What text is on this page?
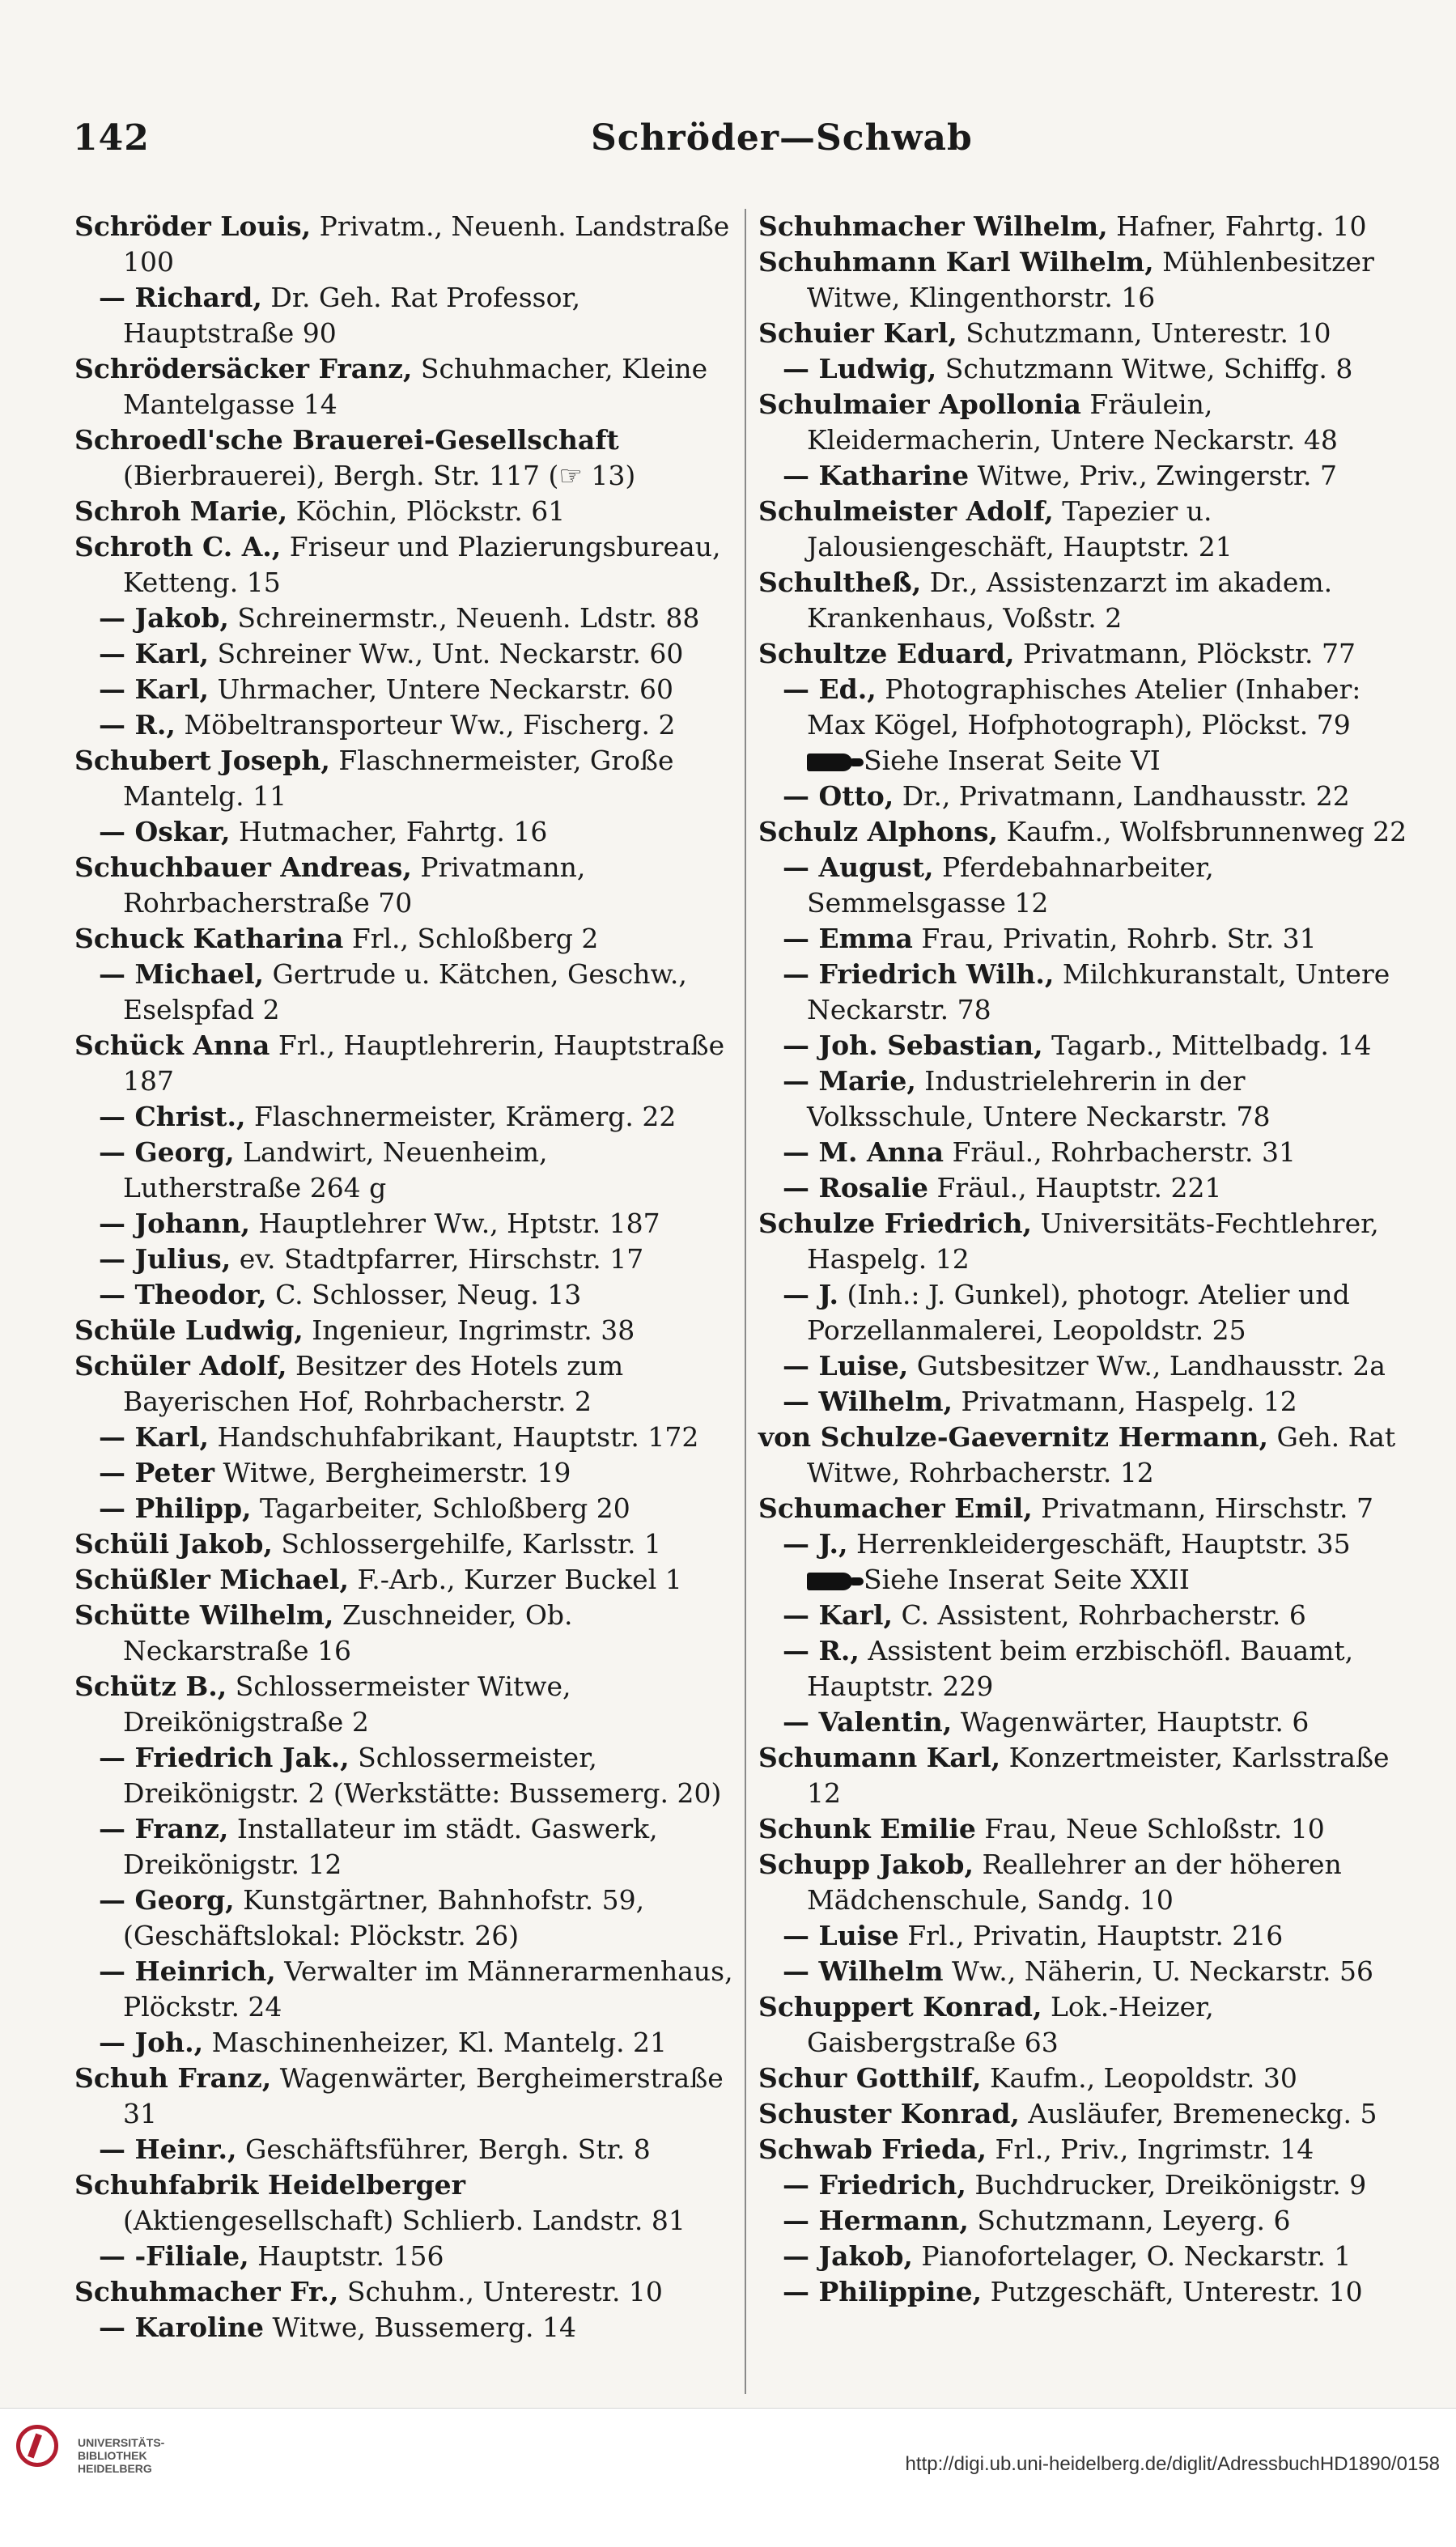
142	Schröder—Schwab

Schröder Louis, Privatm., Neuenh. Landstraße 100

— Richard, Dr. Geh. Rat Professor, Hauptstraße 90

Schrödersäcker Franz, Schuhmacher, Kleine Mantelgasse 14

Schroedl'sche Brauerei-Gesellschaft (Bierbrauerei), Bergh. Str. 117 (☞ 13)

Schroh Marie, Köchin, Plöckstr. 61

Schroth C. A., Friseur und Plazierungsbureau, Ketteng. 15

— Jakob, Schreinermstr., Neuenh. Ldstr. 88

— Karl, Schreiner Ww., Unt. Neckarstr. 60

— Karl, Uhrmacher, Untere Neckarstr. 60

— R., Möbeltransporteur Ww., Fischerg. 2

Schubert Joseph, Flaschnermeister, Große Mantelg. 11

— Oskar, Hutmacher, Fahrtg. 16

Schuchbauer Andreas, Privatmann, Rohrbacherstraße 70

Schuck Katharina Frl., Schloßberg 2

— Michael, Gertrude u. Kätchen, Geschw., Eselspfad 2

Schück Anna Frl., Hauptlehrerin, Hauptstraße 187

— Christ., Flaschnermeister, Krämerg. 22

— Georg, Landwirt, Neuenheim, Lutherstraße 264 g

— Johann, Hauptlehrer Ww., Hptstr. 187

— Julius, ev. Stadtpfarrer, Hirschstr. 17

— Theodor, C. Schlosser, Neug. 13

Schüle Ludwig, Ingenieur, Ingrimstr. 38

Schüler Adolf, Besitzer des Hotels zum Bayerischen Hof, Rohrbacherstr. 2

— Karl, Handschuhfabrikant, Hauptstr. 172

— Peter Witwe, Bergheimerstr. 19

— Philipp, Tagarbeiter, Schloßberg 20

Schüli Jakob, Schlossergehilfe, Karlsstr. 1

Schüßler Michael, F.-Arb., Kurzer Buckel 1

Schütte Wilhelm, Zuschneider, Ob. Neckarstraße 16

Schütz B., Schlossermeister Witwe, Dreikönigstraße 2

— Friedrich Jak., Schlossermeister, Dreikönigstr. 2 (Werkstätte: Bussemerg. 20)

— Franz, Installateur im städt. Gaswerk, Dreikönigstr. 12

— Georg, Kunstgärtner, Bahnhofstr. 59, (Geschäftslokal: Plöckstr. 26)

— Heinrich, Verwalter im Männerarmenhaus, Plöckstr. 24

— Joh., Maschinenheizer, Kl. Mantelg. 21

Schuh Franz, Wagenwärter, Bergheimerstraße 31

— Heinr., Geschäftsführer, Bergh. Str. 8

Schuhfabrik Heidelberger (Aktiengesellschaft) Schlierb. Landstr. 81

— -Filiale, Hauptstr. 156

Schuhmacher Fr., Schuhm., Unterestr. 10

— Karoline Witwe, Bussemerg. 14

Schuhmacher Wilhelm, Hafner, Fahrtg. 10

Schuhmann Karl Wilhelm, Mühlenbesitzer Witwe, Klingenthorstr. 16

Schuier Karl, Schutzmann, Unterestr. 10

— Ludwig, Schutzmann Witwe, Schiffg. 8

Schulmaier Apollonia Fräulein, Kleidermacherin, Untere Neckarstr. 48

— Katharine Witwe, Priv., Zwingerstr. 7

Schulmeister Adolf, Tapezier u. Jalousiengeschäft, Hauptstr. 21

Schultheß, Dr., Assistenzarzt im akadem. Krankenhaus, Voßstr. 2

Schultze Eduard, Privatmann, Plöckstr. 77

— Ed., Photographisches Atelier (Inhaber: Max Kögel, Hofphotograph), Plöckst. 79

Siehe Inserat Seite VI

— Otto, Dr., Privatmann, Landhausstr. 22

Schulz Alphons, Kaufm., Wolfsbrunnenweg 22

— August, Pferdebahnarbeiter, Semmelsgasse 12

— Emma Frau, Privatin, Rohrb. Str. 31

— Friedrich Wilh., Milchkuranstalt, Untere Neckarstr. 78

— Joh. Sebastian, Tagarb., Mittelbadg. 14

— Marie, Industrielehrerin in der Volksschule, Untere Neckarstr. 78

— M. Anna Fräul., Rohrbacherstr. 31

— Rosalie Fräul., Hauptstr. 221

Schulze Friedrich, Universitäts-Fechtlehrer, Haspelg. 12

— J. (Inh.: J. Gunkel), photogr. Atelier und Porzellanmalerei, Leopoldstr. 25

— Luise, Gutsbesitzer Ww., Landhausstr. 2a

— Wilhelm, Privatmann, Haspelg. 12

von Schulze-Gaevernitz Hermann, Geh. Rat Witwe, Rohrbacherstr. 12

Schumacher Emil, Privatmann, Hirschstr. 7

— J., Herrenkleidergeschäft, Hauptstr. 35

Siehe Inserat Seite XXII

— Karl, C. Assistent, Rohrbacherstr. 6

— R., Assistent beim erzbischöfl. Bauamt, Hauptstr. 229

— Valentin, Wagenwärter, Hauptstr. 6

Schumann Karl, Konzertmeister, Karlsstraße 12

Schunk Emilie Frau, Neue Schloßstr. 10

Schupp Jakob, Reallehrer an der höheren Mädchenschule, Sandg. 10

— Luise Frl., Privatin, Hauptstr. 216

— Wilhelm Ww., Näherin, U. Neckarstr. 56

Schuppert Konrad, Lok.-Heizer, Gaisbergstraße 63

Schur Gotthilf, Kaufm., Leopoldstr. 30

Schuster Konrad, Ausläufer, Bremeneckg. 5

Schwab Frieda, Frl., Priv., Ingrimstr. 14

— Friedrich, Buchdrucker, Dreikönigstr. 9

— Hermann, Schutzmann, Leyerg. 6

— Jakob, Pianofortelager, O. Neckarstr. 1

— Philippine, Putzgeschäft, Unterestr. 10

UNIVERSITÄTS-
BIBLIOTHEK
HEIDELBERG	http://digi.ub.uni-heidelberg.de/diglit/AdressbuchHD1890/0158
